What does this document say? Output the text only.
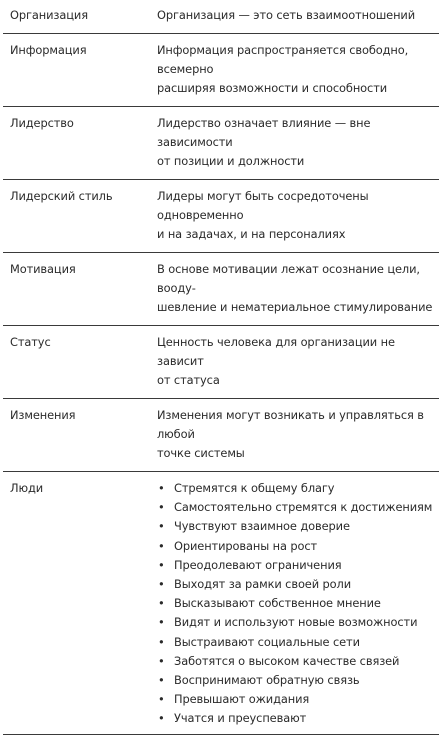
Организация	Организация — это сеть взаимоотношений
Информация	Информация распространяется свободно, всемерно
расширяя возможности и способности
Лидерство	Лидерство означает влияние — вне зависимости
от позиции и должности
Лидерский стиль	Лидеры могут быть сосредоточены одновременно
и на задачах, и на персоналиях
Мотивация	В основе мотивации лежат осознание цели, вооду-
шевление и нематериальное стимулирование
Статус	Ценность человека для организации не зависит
от статуса
Изменения	Изменения могут возникать и управляться в любой
точке системы
Люди	• Стремятся к общему благу
• Самостоятельно стремятся к достижениям
• Чувствуют взаимное доверие
• Ориентированы на рост
• Преодолевают ограничения
• Выходят за рамки своей роли
• Высказывают собственное мнение
• Видят и используют новые возможности
• Выстраивают социальные сети
• Заботятся о высоком качестве связей
• Воспринимают обратную связь
• Превышают ожидания
• Учатся и преуспевают
